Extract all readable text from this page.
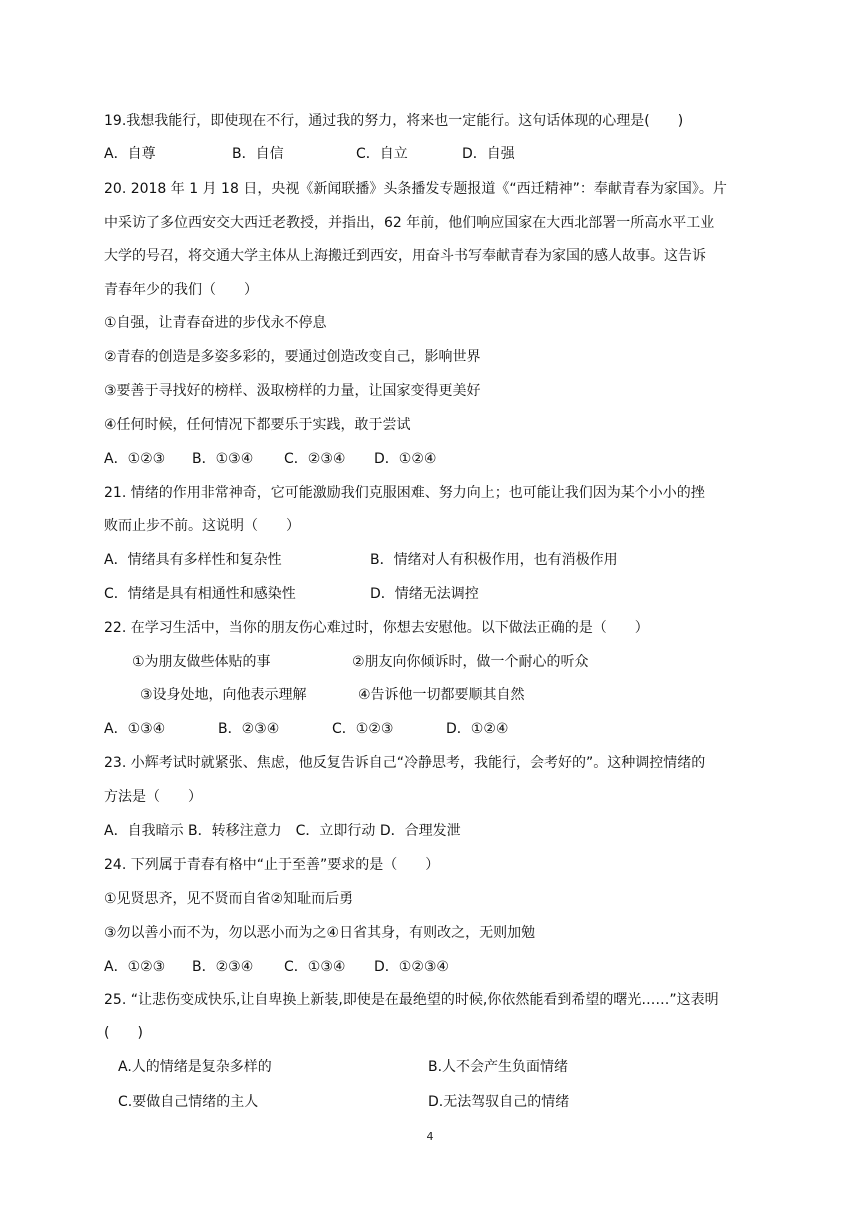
19.我想我能行，即使现在不行，通过我的努力，将来也一定能行。这句话体现的心理是(　　)
A．自尊	B．自信	C．自立	D．自强
20. 2018 年 1 月 18 日，央视《新闻联播》头条播发专题报道《“西迁精神”：奉献青春为家国》。片
中采访了多位西安交大西迁老教授，并指出，62 年前，他们响应国家在大西北部署一所高水平工业
大学的号召，将交通大学主体从上海搬迁到西安，用奋斗书写奉献青春为家国的感人故事。这告诉
青春年少的我们（　　）
①自强，让青春奋进的步伐永不停息
②青春的创造是多姿多彩的，要通过创造改变自己，影响世界
③要善于寻找好的榜样、汲取榜样的力量，让国家变得更美好
④任何时候，任何情况下都要乐于实践，敢于尝试
A．①②③ B．①③④ C．②③④ D．①②④
21. 情绪的作用非常神奇，它可能激励我们克服困难、努力向上；也可能让我们因为某个小小的挫
败而止步不前。这说明（　　）
A．情绪具有多样性和复杂性	B．情绪对人有积极作用，也有消极作用
C．情绪是具有相通性和感染性	D．情绪无法调控
22. 在学习生活中，当你的朋友伤心难过时，你想去安慰他。以下做法正确的是（　　）
①为朋友做些体贴的事	②朋友向你倾诉时，做一个耐心的听众
③设身处地，向他表示理解	④告诉他一切都要顺其自然
A．①③④	B．②③④	C．①②③	D．①②④
23. 小辉考试时就紧张、焦虑，他反复告诉自己“冷静思考，我能行，会考好的”。这种调控情绪的
方法是（　　）
A．自我暗示 B．转移注意力　C．立即行动 D．合理发泄
24. 下列属于青春有格中“止于至善”要求的是（　　）
①见贤思齐，见不贤而自省②知耻而后勇
③勿以善小而不为，勿以恶小而为之④日省其身，有则改之，无则加勉
A．①②③ B．②③④ C．①③④ D．①②③④
25. “让悲伤变成快乐,让自卑换上新装,即使是在最绝望的时候,你依然能看到希望的曙光……”这表明
(　　)
A.人的情绪是复杂多样的	B.人不会产生负面情绪
C.要做自己情绪的主人	D.无法驾驭自己的情绪
4
